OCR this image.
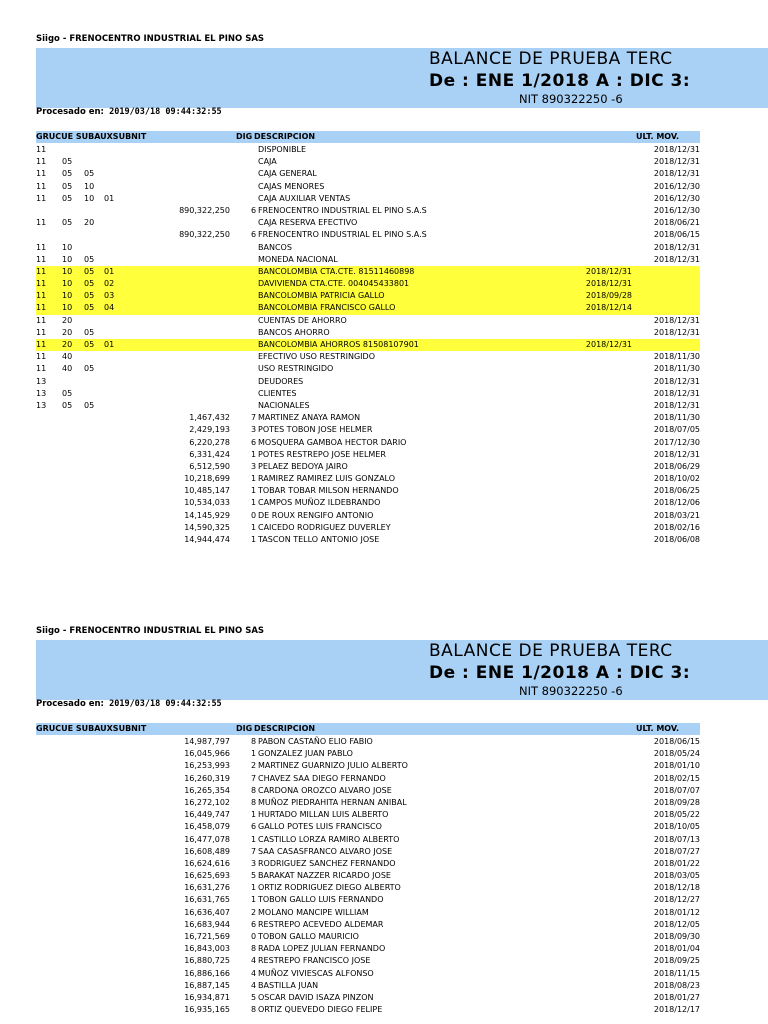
Siigo - FRENOCENTRO INDUSTRIAL EL PINO SAS
BALANCE DE PRUEBA TERC
De : ENE 1/2018 A : DIC 3:
NIT 890322250 -6
Procesado en: 2019/03/18 09:44:32:55
GRUCUE SUBAUXSUBNIT	DIG DESCRIPCION	ULT. MOV.
11	DISPONIBLE	2018/12/31
11 05	CAJA	2018/12/31
11 05 05	CAJA GENERAL	2018/12/31
11 05 10	CAJAS MENORES	2016/12/30
11 05 10 01	CAJA AUXILIAR VENTAS	2016/12/30
890,322,250	6 FRENOCENTRO INDUSTRIAL EL PINO S.A.S	2016/12/30
11 05 20	CAJA RESERVA EFECTIVO	2018/06/21
890,322,250	6 FRENOCENTRO INDUSTRIAL EL PINO S.A.S	2018/06/15
11 10	BANCOS	2018/12/31
11 10 05	MONEDA NACIONAL	2018/12/31
11 10 05 01	BANCOLOMBIA CTA.CTE. 81511460898	2018/12/31
11 10 05 02	DAVIVIENDA CTA.CTE. 004045433801	2018/12/31
11 10 05 03	BANCOLOMBIA PATRICIA GALLO	2018/09/28
11 10 05 04	BANCOLOMBIA FRANCISCO GALLO	2018/12/14
11 20	CUENTAS DE AHORRO	2018/12/31
11 20 05	BANCOS AHORRO	2018/12/31
11 20 05 01	BANCOLOMBIA AHORROS 81508107901	2018/12/31
11 40	EFECTIVO USO RESTRINGIDO	2018/11/30
11 40 05	USO RESTRINGIDO	2018/11/30
13	DEUDORES	2018/12/31
13 05	CLIENTES	2018/12/31
13 05 05	NACIONALES	2018/12/31
1,467,432	7 MARTINEZ ANAYA RAMON	2018/11/30
2,429,193	3 POTES TOBON JOSE HELMER	2018/07/05
6,220,278	6 MOSQUERA GAMBOA HECTOR DARIO	2017/12/30
6,331,424	1 POTES RESTREPO JOSE HELMER	2018/12/31
6,512,590	3 PELAEZ BEDOYA JAIRO	2018/06/29
10,218,699	1 RAMIREZ RAMIREZ LUIS GONZALO	2018/10/02
10,485,147	1 TOBAR TOBAR MILSON HERNANDO	2018/06/25
10,534,033	1 CAMPOS MUÑOZ ILDEBRANDO	2018/12/06
14,145,929	0 DE ROUX RENGIFO ANTONIO	2018/03/21
14,590,325	1 CAICEDO RODRIGUEZ DUVERLEY	2018/02/16
14,944,474	1 TASCON TELLO ANTONIO JOSE	2018/06/08
Siigo - FRENOCENTRO INDUSTRIAL EL PINO SAS
BALANCE DE PRUEBA TERC
De : ENE 1/2018 A : DIC 3:
NIT 890322250 -6
Procesado en: 2019/03/18 09:44:32:55
GRUCUE SUBAUXSUBNIT	DIG DESCRIPCION	ULT. MOV.
14,987,797	8 PABON CASTAÑO ELIO FABIO	2018/06/15
16,045,966	1 GONZALEZ JUAN PABLO	2018/05/24
16,253,993	2 MARTINEZ GUARNIZO JULIO ALBERTO	2018/01/10
16,260,319	7 CHAVEZ SAA DIEGO FERNANDO	2018/02/15
16,265,354	8 CARDONA OROZCO ALVARO JOSE	2018/07/07
16,272,102	8 MUÑOZ PIEDRAHITA HERNAN ANIBAL	2018/09/28
16,449,747	1 HURTADO MILLAN LUIS ALBERTO	2018/05/22
16,458,079	6 GALLO POTES LUIS FRANCISCO	2018/10/05
16,477,078	1 CASTILLO LORZA RAMIRO ALBERTO	2018/07/13
16,608,489	7 SAA CASASFRANCO ALVARO JOSE	2018/07/27
16,624,616	3 RODRIGUEZ SANCHEZ FERNANDO	2018/01/22
16,625,693	5 BARAKAT NAZZER RICARDO JOSE	2018/03/05
16,631,276	1 ORTIZ RODRIGUEZ DIEGO ALBERTO	2018/12/18
16,631,765	1 TOBON GALLO LUIS FERNANDO	2018/12/27
16,636,407	2 MOLANO MANCIPE WILLIAM	2018/01/12
16,683,944	6 RESTREPO ACEVEDO ALDEMAR	2018/12/05
16,721,569	0 TOBON GALLO MAURICIO	2018/09/30
16,843,003	8 RADA LOPEZ JULIAN FERNANDO	2018/01/04
16,880,725	4 RESTREPO FRANCISCO JOSE	2018/09/25
16,886,166	4 MUÑOZ VIVIESCAS ALFONSO	2018/11/15
16,887,145	4 BASTILLA JUAN	2018/08/23
16,934,871	5 OSCAR DAVID ISAZA PINZON	2018/01/27
16,935,165	8 ORTIZ QUEVEDO DIEGO FELIPE	2018/12/17
